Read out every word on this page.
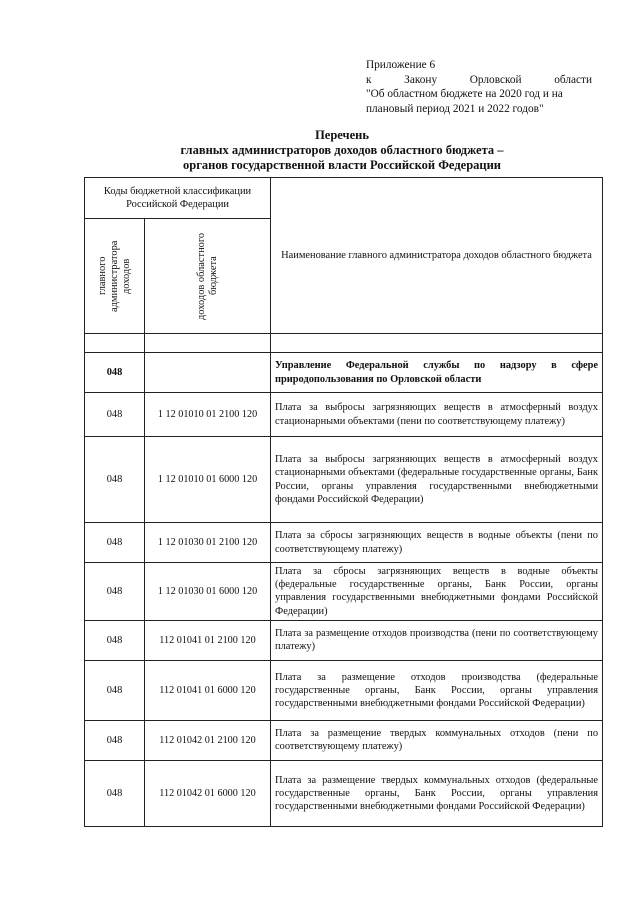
Приложение 6
к	Закону	Орловской	области
"Об областном бюджете на 2020 год и на
плановый период 2021 и 2022 годов"
Перечень
главных администраторов доходов областного бюджета –
органов государственной власти Российской Федерации
Коды бюджетной классификации Российской Федерации		Наименование главного администратора доходов областного бюджета

главного администратора доходов	доходов областного бюджета	

048		Управление Федеральной службы по надзору в сфере природопользования по Орловской области
048	1 12 01010 01 2100 120	Плата за выбросы загрязняющих веществ в атмосферный воздух стационарными объектами (пени по соответствующему платежу)
048	1 12 01010 01 6000 120	Плата за выбросы загрязняющих веществ в атмосферный воздух стационарными объектами (федеральные государственные органы, Банк России, органы управления государственными внебюджетными фондами Российской Федерации)
048	1 12 01030 01 2100 120	Плата за сбросы загрязняющих веществ в водные объекты (пени по соответствующему платежу)
048	1 12 01030 01 6000 120	Плата за сбросы загрязняющих веществ в водные объекты (федеральные государственные органы, Банк России, органы управления государственными внебюджетными фондами Российской Федерации)
048	112 01041 01 2100 120	Плата за размещение отходов производства (пени по соответствующему платежу)
048	112 01041 01 6000 120	Плата за размещение отходов производства (федеральные государственные органы, Банк России, органы управления государственными внебюджетными фондами Российской Федерации)
048	112 01042 01 2100 120	Плата за размещение твердых коммунальных отходов (пени по соответствующему платежу)
048	112 01042 01 6000 120	Плата за размещение твердых коммунальных отходов (федеральные государственные органы, Банк России, органы управления государственными внебюджетными фондами Российской Федерации)
